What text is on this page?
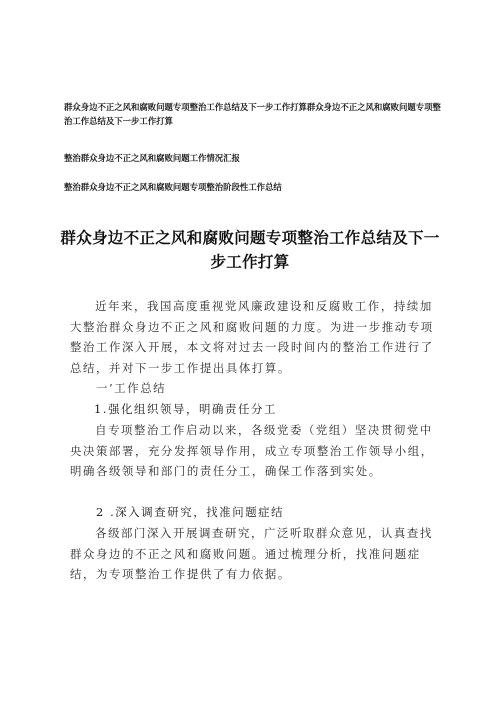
群众身边不正之风和腐败问题专项整治工作总结及下一步工作打算群众身边不正之风和腐败问题专项整治工作总结及下一步工作打算
整治群众身边不正之风和腐败问题工作情况汇报
整治群众身边不正之风和腐败问题专项整治阶段性工作总结
群众身边不正之风和腐败问题专项整治工作总结及下一步工作打算

近年来，我国高度重视党风廉政建设和反腐败工作，持续加大整治群众身边不正之风和腐败问题的力度。为进一步推动专项整治工作深入开展，本文将对过去一段时间内的整治工作进行了总结，并对下一步工作提出具体打算。

一’工作总结

1.强化组织领导，明确责任分工

自专项整治工作启动以来，各级党委（党组）坚决贯彻党中央决策部署，充分发挥领导作用，成立专项整治工作领导小组，明确各级领导和部门的责任分工，确保工作落到实处。

2 .深入调查研究，找准问题症结

各级部门深入开展调查研究，广泛听取群众意见，认真查找群众身边的不正之风和腐败问题。通过梳理分析，找准问题症结，为专项整治工作提供了有力依据。
